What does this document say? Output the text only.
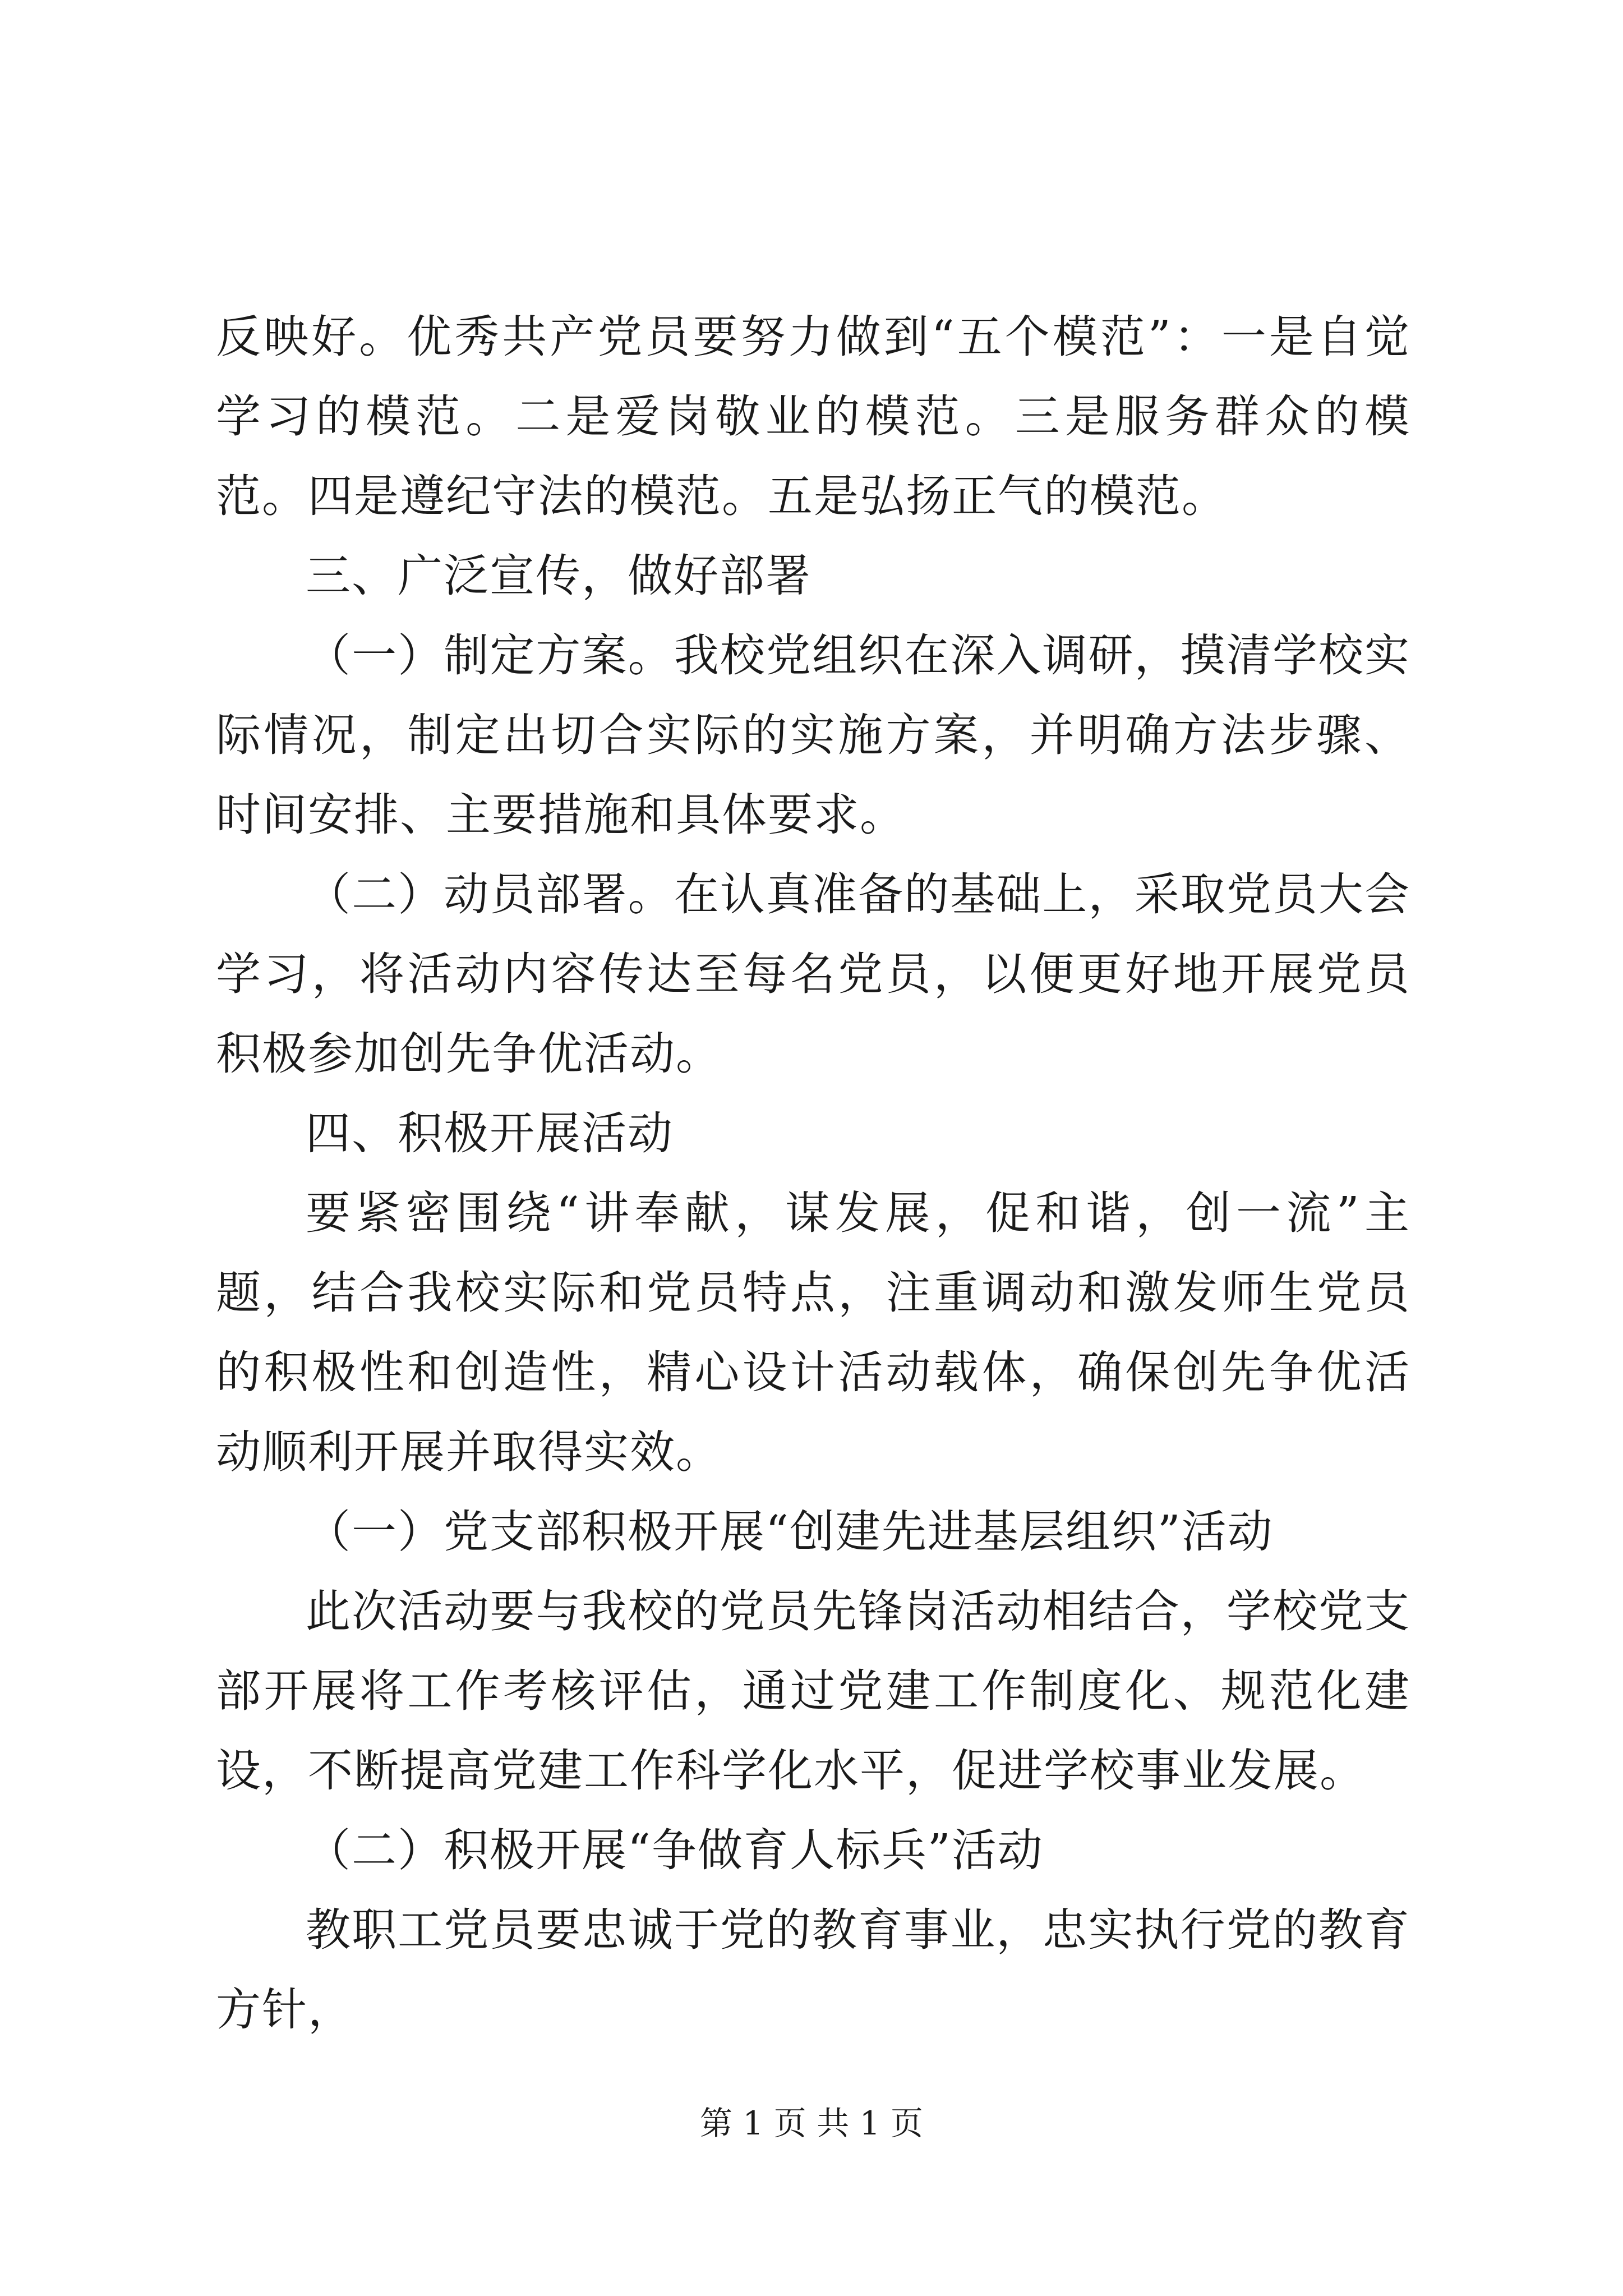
反映好。优秀共产党员要努力做到“五个模范”：一是自觉学习的模范。二是爱岗敬业的模范。三是服务群众的模范。四是遵纪守法的模范。五是弘扬正气的模范。

三、广泛宣传，做好部署

（一）制定方案。我校党组织在深入调研，摸清学校实际情况，制定出切合实际的实施方案，并明确方法步骤、时间安排、主要措施和具体要求。

（二）动员部署。在认真准备的基础上，采取党员大会学习，将活动内容传达至每名党员，以便更好地开展党员积极参加创先争优活动。

四、积极开展活动

要紧密围绕“讲奉献，谋发展，促和谐，创一流”主题，结合我校实际和党员特点，注重调动和激发师生党员的积极性和创造性，精心设计活动载体，确保创先争优活动顺利开展并取得实效。

（一）党支部积极开展“创建先进基层组织”活动

此次活动要与我校的党员先锋岗活动相结合，学校党支部开展将工作考核评估，通过党建工作制度化、规范化建设，不断提高党建工作科学化水平，促进学校事业发展。

（二）积极开展“争做育人标兵”活动

教职工党员要忠诚于党的教育事业，忠实执行党的教育方针，

第 1 页 共 1 页
